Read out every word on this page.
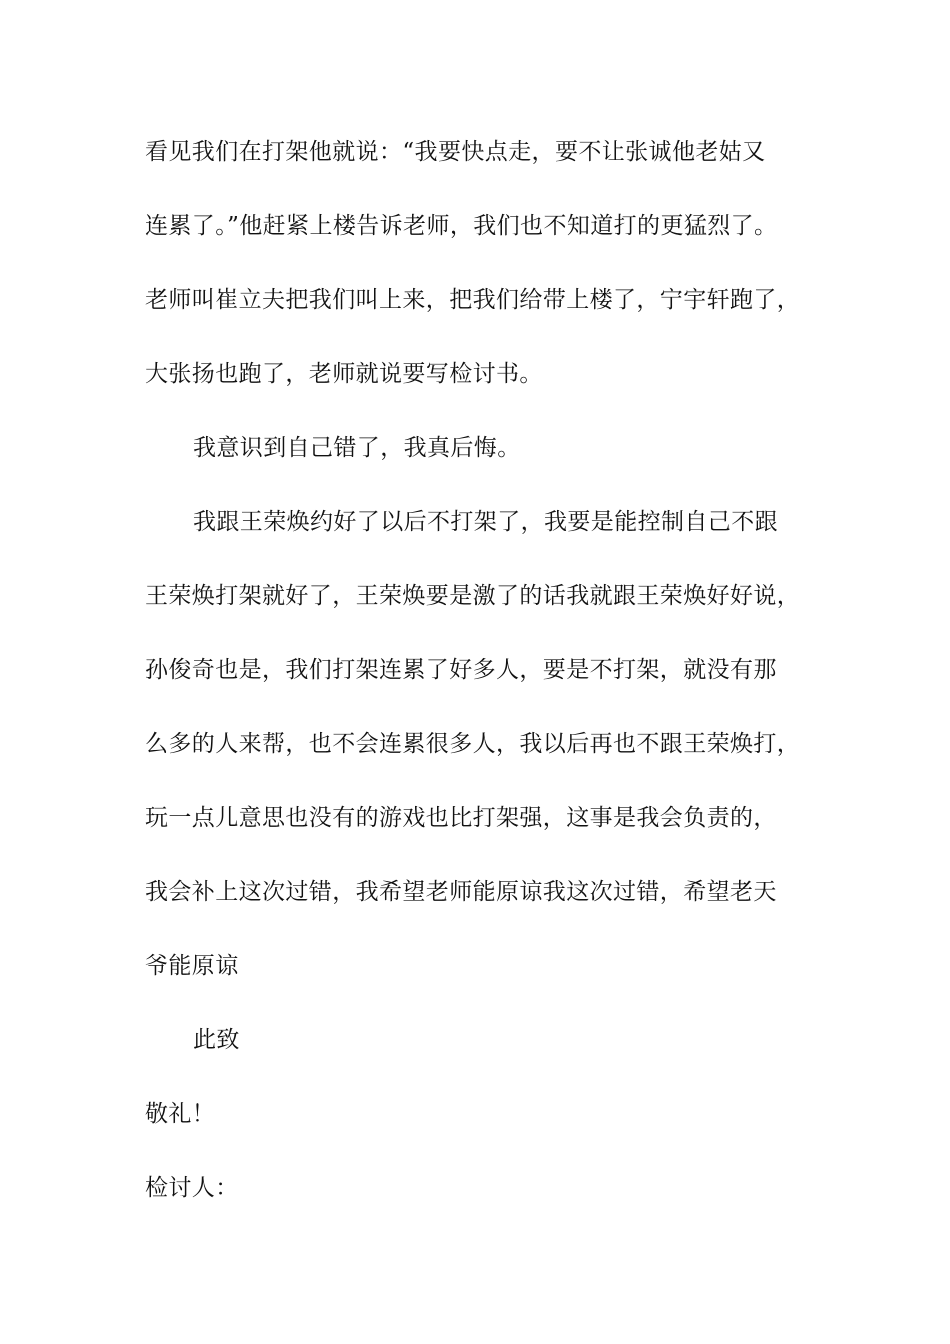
看见我们在打架他就说：“我要快点走，要不让张诚他老姑又
连累了。”他赶紧上楼告诉老师，我们也不知道打的更猛烈了。
老师叫崔立夫把我们叫上来，把我们给带上楼了，宁宇轩跑了，
大张扬也跑了，老师就说要写检讨书。
我意识到自己错了，我真后悔。
我跟王荣焕约好了以后不打架了，我要是能控制自己不跟
王荣焕打架就好了，王荣焕要是激了的话我就跟王荣焕好好说，
孙俊奇也是，我们打架连累了好多人，要是不打架，就没有那
么多的人来帮，也不会连累很多人，我以后再也不跟王荣焕打，
玩一点儿意思也没有的游戏也比打架强，这事是我会负责的，
我会补上这次过错，我希望老师能原谅我这次过错，希望老天
爷能原谅
此致
敬礼！
检讨人：
